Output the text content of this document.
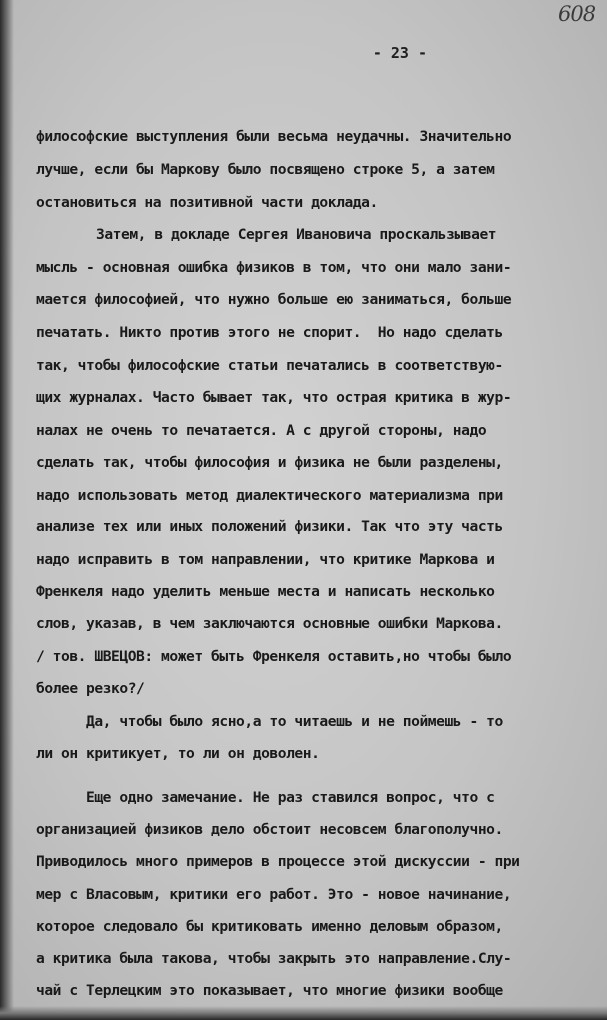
608
- 23 -
философские выступления были весьма неудачны. Значительно
лучше, если бы Маркову было посвящено строке 5, а затем
остановиться на позитивной части доклада.
Затем, в докладе Сергея Ивановича проскальзывает
мысль - основная ошибка физиков в том, что они мало зани-
мается философией, что нужно больше ею заниматься, больше
печатать. Никто против этого не спорит.  Но надо сделать
так, чтобы философские статьи печатались в соответствую-
щих журналах. Часто бывает так, что острая критика в жур-
налах не очень то печатается. А с другой стороны, надо
сделать так, чтобы философия и физика не были разделены,
надо использовать метод диалектического материализма при
анализе тех или иных положений физики. Так что эту часть
надо исправить в том направлении, что критике Маркова и
Френкеля надо уделить меньше места и написать несколько
слов, указав, в чем заключаются основные ошибки Маркова.
/ тов. ШВЕЦОВ: может быть Френкеля оставить,но чтобы было
более резко?/
Да, чтобы было ясно,а то читаешь и не поймешь - то
ли он критикует, то ли он доволен.
Еще одно замечание. Не раз ставился вопрос, что с
организацией физиков дело обстоит несовсем благополучно.
Приводилось много примеров в процессе этой дискуссии - при
мер с Власовым, критики его работ. Это - новое начинание,
которое следовало бы критиковать именно деловым образом,
а критика была такова, чтобы закрыть это направление.Слу-
чай с Терлецким это показывает, что многие физики вообще
